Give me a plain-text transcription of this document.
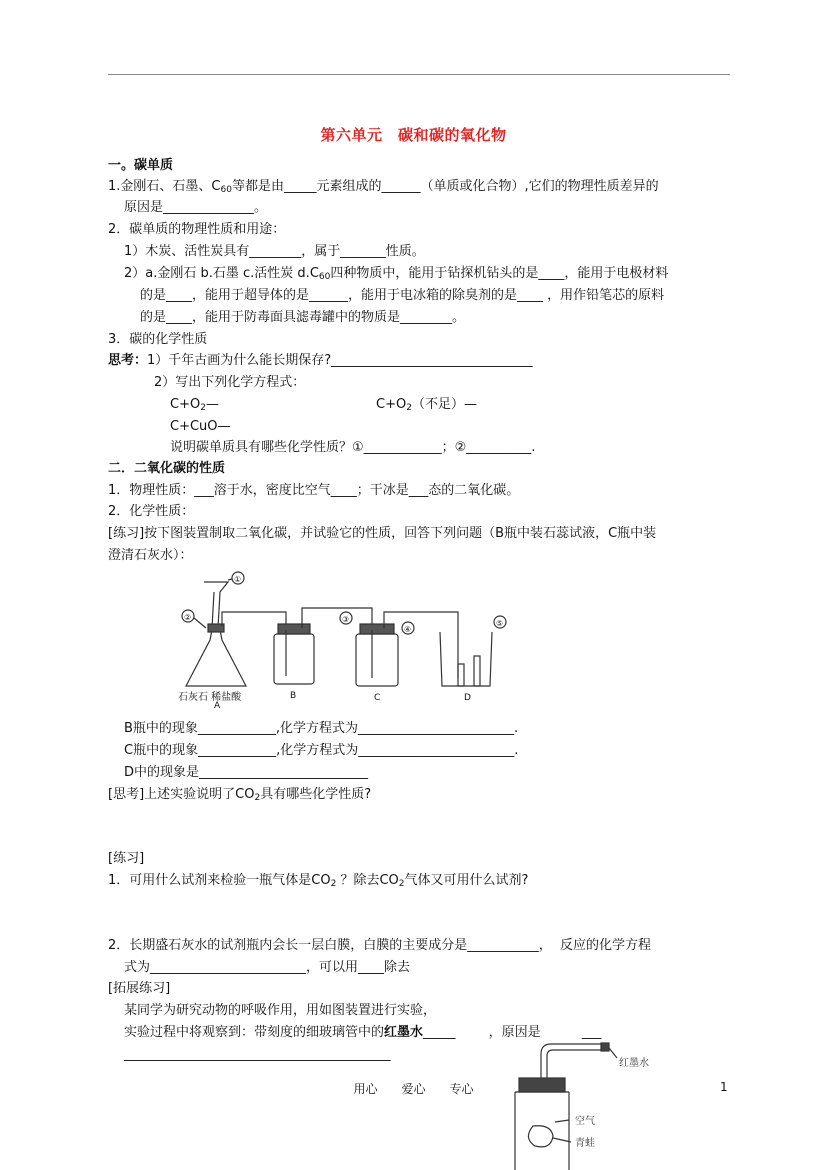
第六单元　碳和碳的氧化物
一。碳单质
1.金刚石、石墨、$C_{60}$等都是由_____元素组成的______（单质或化合物）,它们的物理性质差异的
原因是______________。
2．碳单质的物理性质和用途：
1）木炭、活性炭具有________，属于_______性质。
2）a.金刚石 b.石墨 c.活性炭 $d.C_{60}$四种物质中，能用于钻探机钻头的是____，能用于电极材料
的是____，能用于超导体的是______，能用于电冰箱的除臭剂的是____ ，用作铅笔芯的原料
的是____，能用于防毒面具滤毒罐中的物质是________。
3．碳的化学性质
思考：1）千年古画为什么能长期保存?_______________________________
2）写出下列化学方程式：
$C+O_2—$	$C+O_2$（不足）—
C+CuO—
说明碳单质具有哪些化学性质？①____________；②__________.
二．二氧化碳的性质
1．物理性质：___溶于水，密度比空气____；干冰是___态的二氧化碳。
2．化学性质：
[练习]按下图装置制取二氧化碳，并试验它的性质，回答下列问题（B瓶中装石蕊试液，C瓶中装
澄清石灰水）：
石灰石 稀盐酸
A
B	C	D
①
②	③
④
⑤
B瓶中的现象____________,化学方程式为________________________.
C瓶中的现象____________,化学方程式为________________________.
D中的现象是__________________________
[思考]上述实验说明了$CO_2$具有哪些化学性质?
[练习]
1．可用什么试剂来检验一瓶气体是$CO_2$ ？除去$CO_2$气体又可用什么试剂?
2．长期盛石灰水的试剂瓶内会长一层白膜，白膜的主要成分是___________，  反应的化学方程
式为________________________，可以用____除去
[拓展练习]
某同学为研究动物的呼吸作用，用如图装置进行实验，
实验过程中将观察到：带刻度的细玻璃管中的红墨水_____        ，原因是          ___
_________________________________________
红墨水
空气
青蛙
用心　　爱心　　专心	1
